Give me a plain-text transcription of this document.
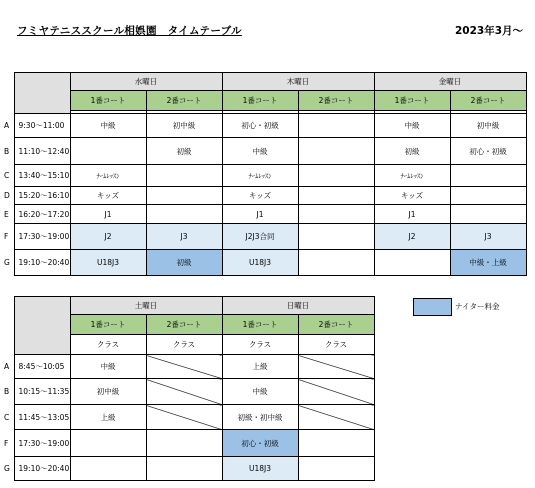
フミヤテニススクール相娯園　タイムテーブル	2023年3月～
		水曜日		木曜日		金曜日	
		1番コート	2番コート	1番コート	2番コート	1番コート	2番コート

A	9:30～11:00	中級	初中級	初心・初級		中級	初中級
B	11:10～12:40		初級	中級		初級	初心・初級
C	13:40～15:10	ﾁｰﾑﾚｯｽﾝ		ﾁｰﾑﾚｯｽﾝ		ﾁｰﾑﾚｯｽﾝ	
D	15:20～16:10	キッズ		キッズ		キッズ	
E	16:20～17:20	J1		J1		J1	
F	17:30～19:00	J2	J3	J2J3合同		J2	J3
G	19:10～20:40	U18J3	初級	U18J3			中級・上級
		土曜日		日曜日	
		1番コート	2番コート	1番コート	2番コート
		クラス	クラス	クラス	クラス
A	8:45～10:05	中級		上級	
B	10:15～11:35	初中級		中級	
C	11:45～13:05	上級		初級・初中級	
F	17:30～19:00			初心・初級	
G	19:10～20:40			U18J3	
ナイター料金
